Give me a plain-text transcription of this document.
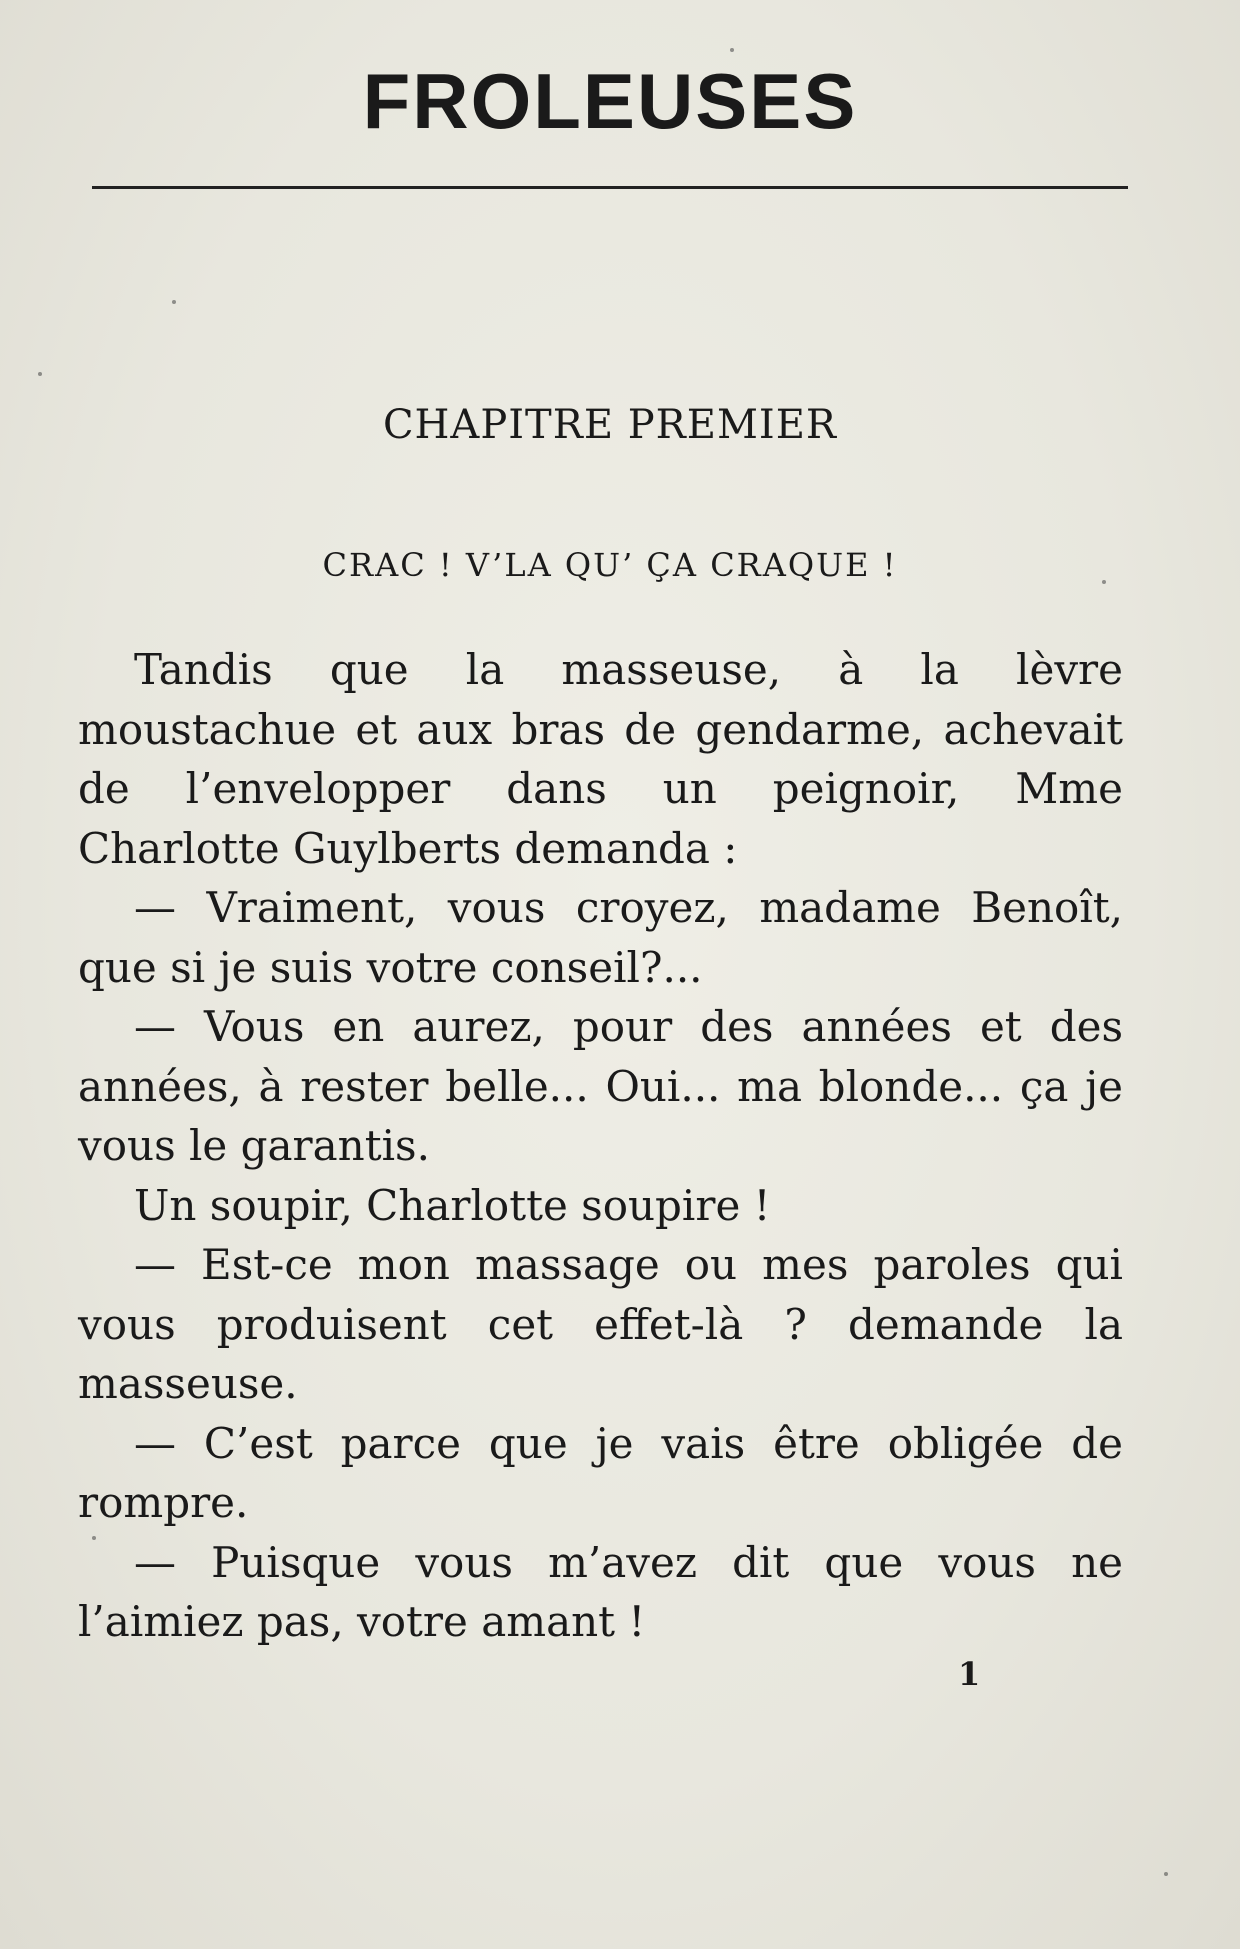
FROLEUSES
CHAPITRE PREMIER
CRAC ! V’LA QU’ ÇA CRAQUE !

Tandis que la masseuse, à la lèvre moustachue et aux bras de gendarme, achevait de l’envelopper dans un peignoir, Mme Charlotte Guylberts demanda :

— Vraiment, vous croyez, madame Benoît, que si je suis votre conseil?...

— Vous en aurez, pour des années et des années, à rester belle... Oui... ma blonde... ça je vous le garantis.

Un soupir, Charlotte soupire !

— Est-ce mon massage ou mes paroles qui vous produisent cet effet-là ? demande la masseuse.

— C’est parce que je vais être obligée de rompre.

— Puisque vous m’avez dit que vous ne l’aimiez pas, votre amant !

1
